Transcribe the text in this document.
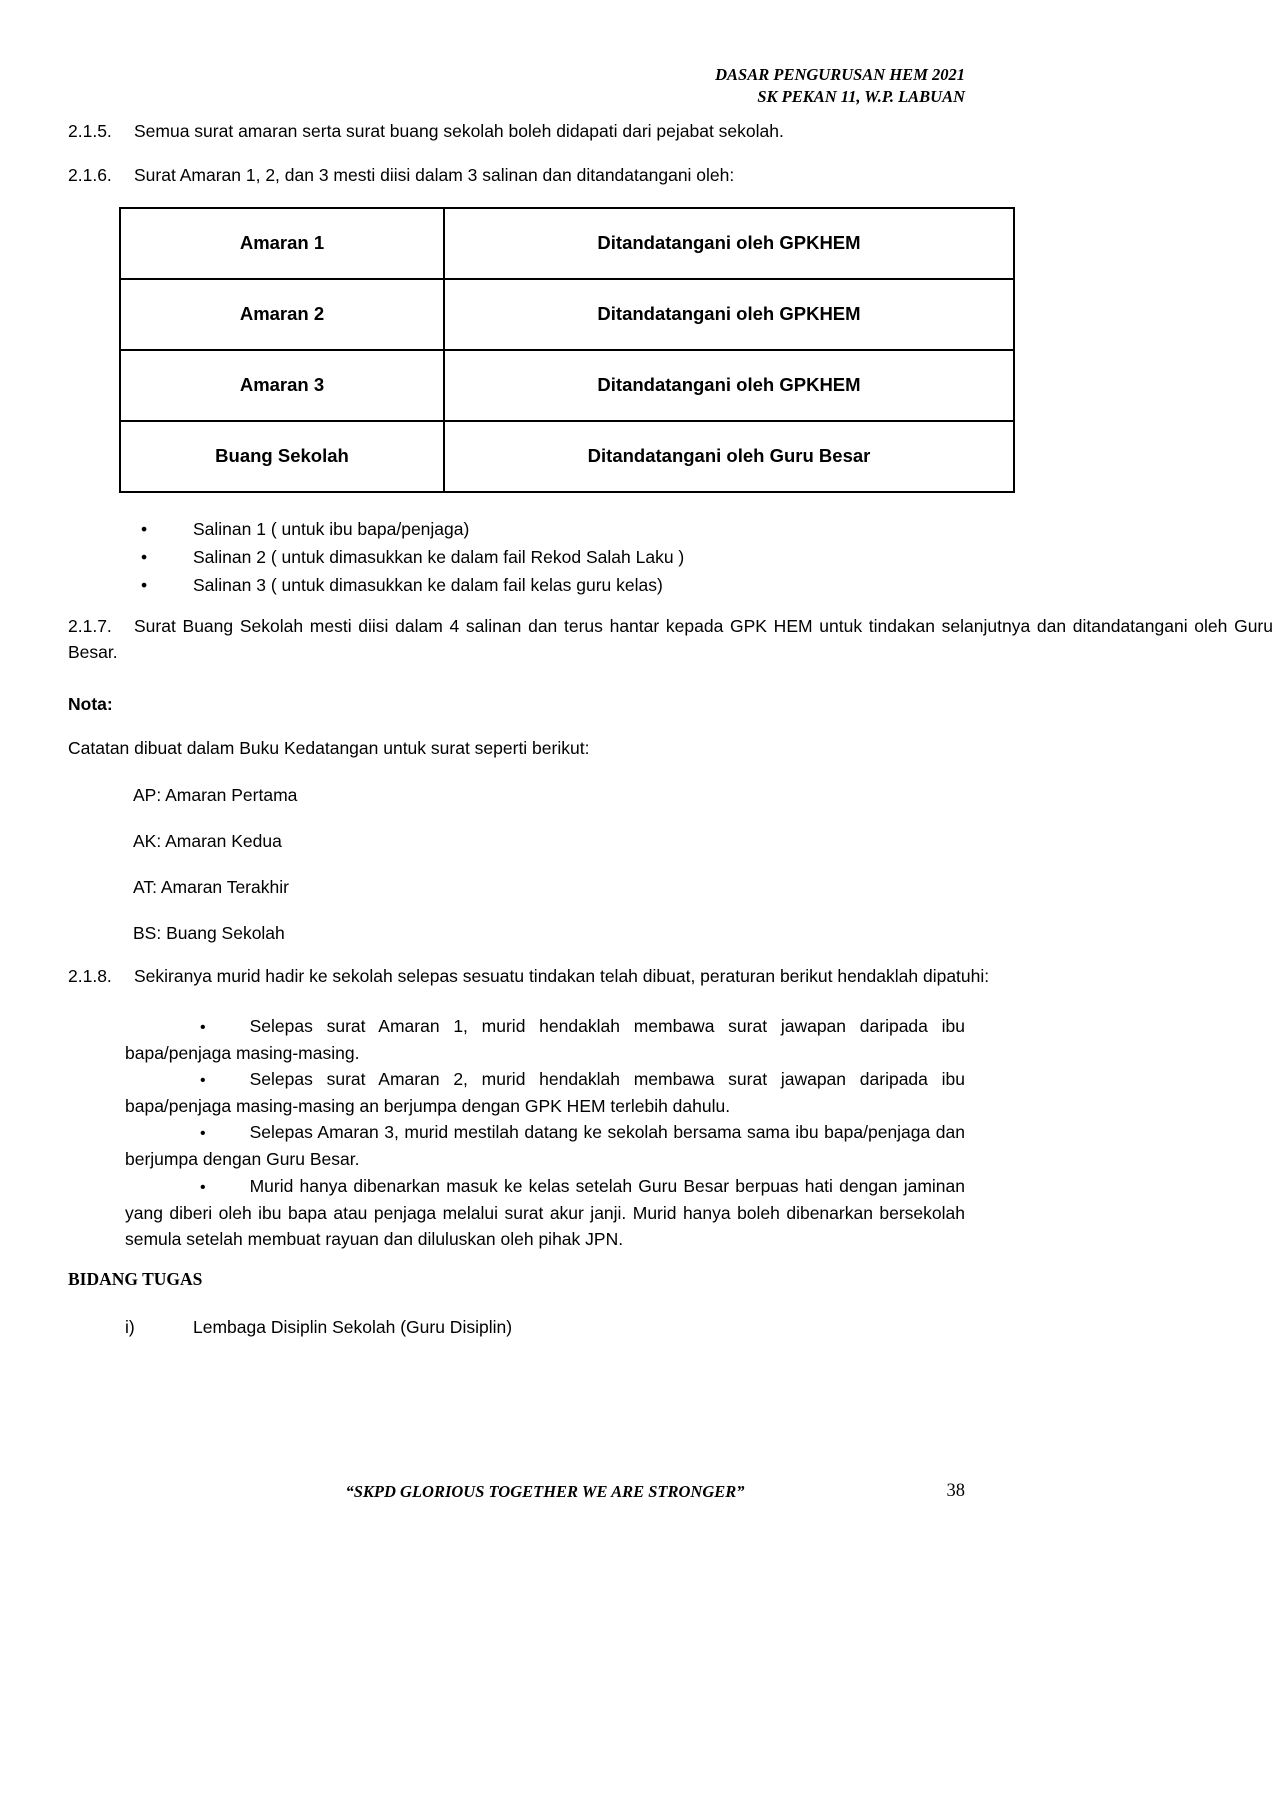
DASAR PENGURUSAN HEM 2021
SK PEKAN 11, W.P. LABUAN

2.1.5. Semua surat amaran serta surat buang sekolah boleh didapati dari pejabat sekolah.

2.1.6. Surat Amaran 1, 2, dan 3 mesti diisi dalam 3 salinan dan ditandatangani oleh:

Amaran 1	Ditandatangani oleh GPKHEM
Amaran 2	Ditandatangani oleh GPKHEM
Amaran 3	Ditandatangani oleh GPKHEM
Buang Sekolah	Ditandatangani oleh Guru Besar
•	Salinan 1 ( untuk ibu bapa/penjaga)
•	Salinan 2 ( untuk dimasukkan ke dalam fail Rekod Salah Laku )
•	Salinan 3 ( untuk dimasukkan ke dalam fail kelas guru kelas)

2.1.7. Surat Buang Sekolah mesti diisi dalam 4 salinan dan terus hantar kepada GPK HEM untuk tindakan selanjutnya dan ditandatangani oleh Guru Besar.

Nota:

Catatan dibuat dalam Buku Kedatangan untuk surat seperti berikut:

AP: Amaran Pertama

AK: Amaran Kedua

AT: Amaran Terakhir

BS: Buang Sekolah

2.1.8. Sekiranya murid hadir ke sekolah selepas sesuatu tindakan telah dibuat, peraturan berikut hendaklah dipatuhi:

•	Selepas surat Amaran 1, murid hendaklah membawa surat jawapan daripada ibu bapa/penjaga masing-masing.

•	Selepas surat Amaran 2, murid hendaklah membawa surat jawapan daripada ibu bapa/penjaga masing-masing an berjumpa dengan GPK HEM terlebih dahulu.

•	Selepas Amaran 3, murid mestilah datang ke sekolah bersama sama ibu bapa/penjaga dan berjumpa dengan Guru Besar.

•	Murid hanya dibenarkan masuk ke kelas setelah Guru Besar berpuas hati dengan jaminan yang diberi oleh ibu bapa atau penjaga melalui surat akur janji. Murid hanya boleh dibenarkan bersekolah semula setelah membuat rayuan dan diluluskan oleh pihak JPN.

BIDANG TUGAS

i)	Lembaga Disiplin Sekolah (Guru Disiplin)

“SKPD GLORIOUS TOGETHER WE ARE STRONGER”	38
